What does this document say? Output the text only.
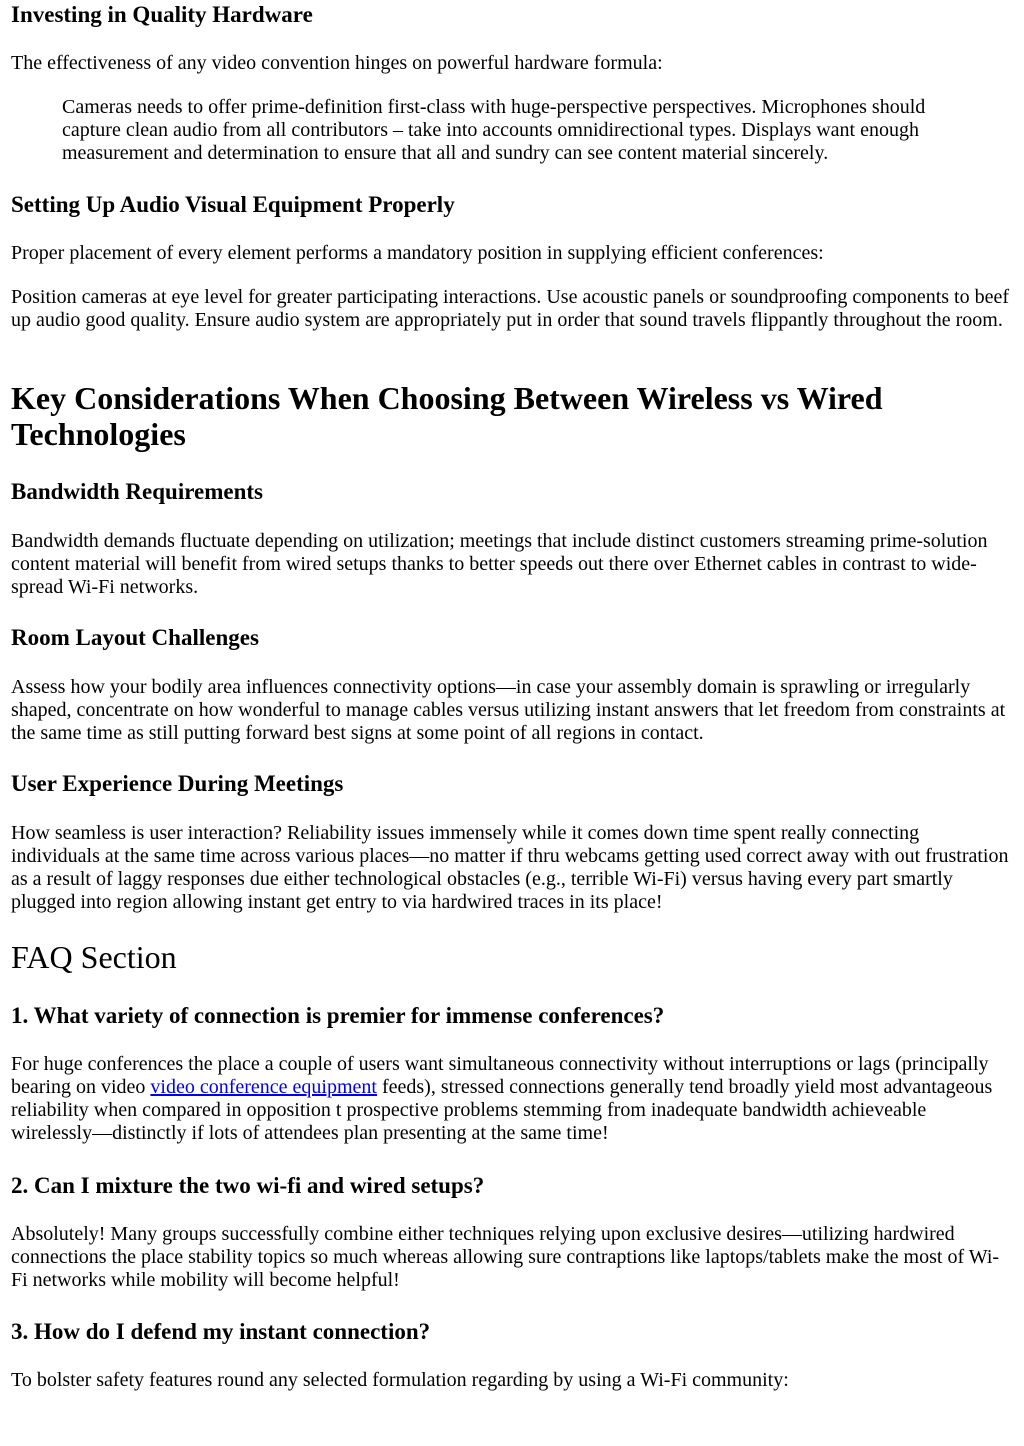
Investing in Quality Hardware

The effectiveness of any video convention hinges on powerful hardware formula:

Cameras needs to offer prime-definition first-class with huge-perspective perspectives. Microphones should capture clean audio from all contributors – take into accounts omnidirectional types. Displays want enough measurement and determination to ensure that all and sundry can see content material sincerely.
Setting Up Audio Visual Equipment Properly

Proper placement of every element performs a mandatory position in supplying efficient conferences:

Position cameras at eye level for greater participating interactions. Use acoustic panels or soundproofing components to beef up audio good quality. Ensure audio system are appropriately put in order that sound travels flippantly throughout the room.

Key Considerations When Choosing Between Wireless vs Wired Technologies
Bandwidth Requirements

Bandwidth demands fluctuate depending on utilization; meetings that include distinct customers streaming prime-solution content material will benefit from wired setups thanks to better speeds out there over Ethernet cables in contrast to wide-spread Wi-Fi networks.

Room Layout Challenges

Assess how your bodily area influences connectivity options—in case your assembly domain is sprawling or irregularly shaped, concentrate on how wonderful to manage cables versus utilizing instant answers that let freedom from constraints at the same time as still putting forward best signs at some point of all regions in contact.

User Experience During Meetings

How seamless is user interaction? Reliability issues immensely while it comes down time spent really connecting individuals at the same time across various places—no matter if thru webcams getting used correct away with out frustration as a result of laggy responses due either technological obstacles (e.g., terrible Wi-Fi) versus having every part smartly plugged into region allowing instant get entry to via hardwired traces in its place!

FAQ Section
1. What variety of connection is premier for immense conferences?

For huge conferences the place a couple of users want simultaneous connectivity without interruptions or lags (principally bearing on video video conference equipment feeds), stressed connections generally tend broadly yield most advantageous reliability when compared in opposition t prospective problems stemming from inadequate bandwidth achieveable wirelessly—distinctly if lots of attendees plan presenting at the same time!

2. Can I mixture the two wi-fi and wired setups?

Absolutely! Many groups successfully combine either techniques relying upon exclusive desires—utilizing hardwired connections the place stability topics so much whereas allowing sure contraptions like laptops/tablets make the most of Wi-Fi networks while mobility will become helpful!

3. How do I defend my instant connection?

To bolster safety features round any selected formulation regarding by using a Wi-Fi community:
